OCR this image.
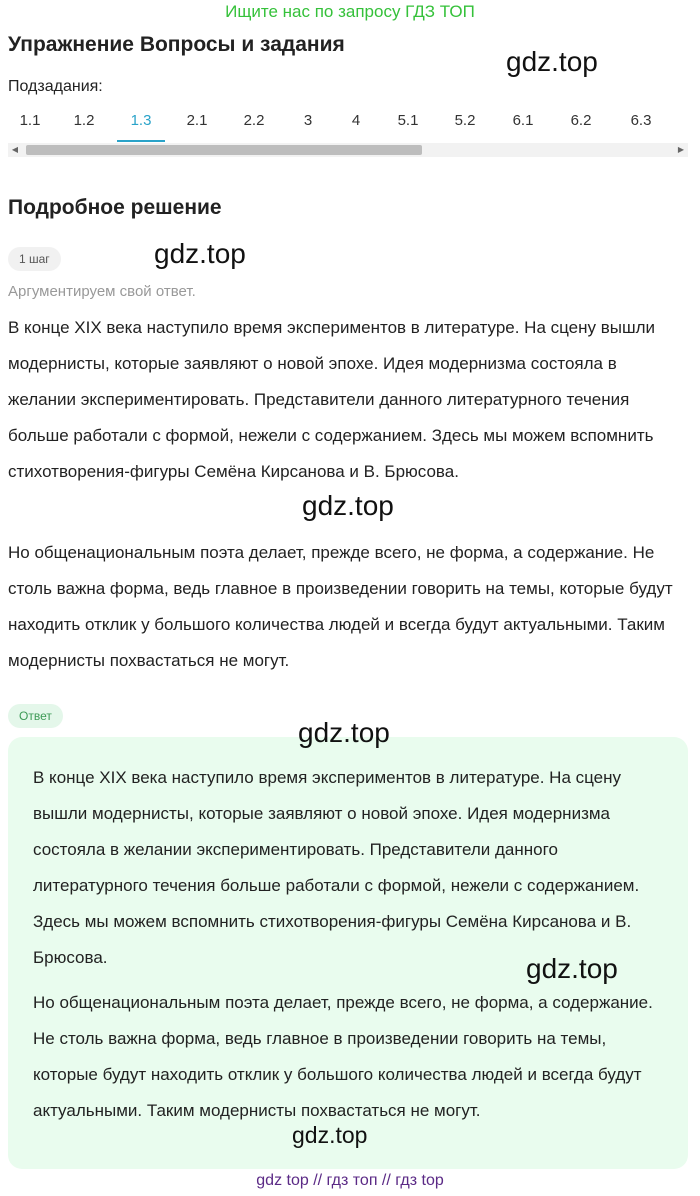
Ищите нас по запросу ГДЗ ТОП
Упражнение Вопросы и задания
Подзадания:
1.1	1.2	1.3	2.1	2.2	3	4	5.1	5.2	6.1	6.2	6.3
◀	▶
Подробное решение
1 шаг
Аргументируем свой ответ.

В конце XIX века наступило время экспериментов в литературе. На сцену вышли модернисты, которые заявляют о новой эпохе. Идея модернизма состояла в желании экспериментировать. Представители данного литературного течения больше работали с формой, нежели с содержанием. Здесь мы можем вспомнить стихотворения-фигуры Семёна Кирсанова и В. Брюсова.

Но общенациональным поэта делает, прежде всего, не форма, а содержание. Не столь важна форма, ведь главное в произведении говорить на темы, которые будут находить отклик у большого количества людей и всегда будут актуальными. Таким модернисты похвастаться не могут.

Ответ

В конце XIX века наступило время экспериментов в литературе. На сцену вышли модернисты, которые заявляют о новой эпохе. Идея модернизма состояла в желании экспериментировать. Представители данного литературного течения больше работали с формой, нежели с содержанием. Здесь мы можем вспомнить стихотворения-фигуры Семёна Кирсанова и В. Брюсова.

Но общенациональным поэта делает, прежде всего, не форма, а содержание. Не столь важна форма, ведь главное в произведении говорить на темы, которые будут находить отклик у большого количества людей и всегда будут актуальными. Таким модернисты похвастаться не могут.

gdz.top
gdz.top
gdz.top
gdz.top
gdz.top
gdz.top
gdz top // гдз топ // гдз top
